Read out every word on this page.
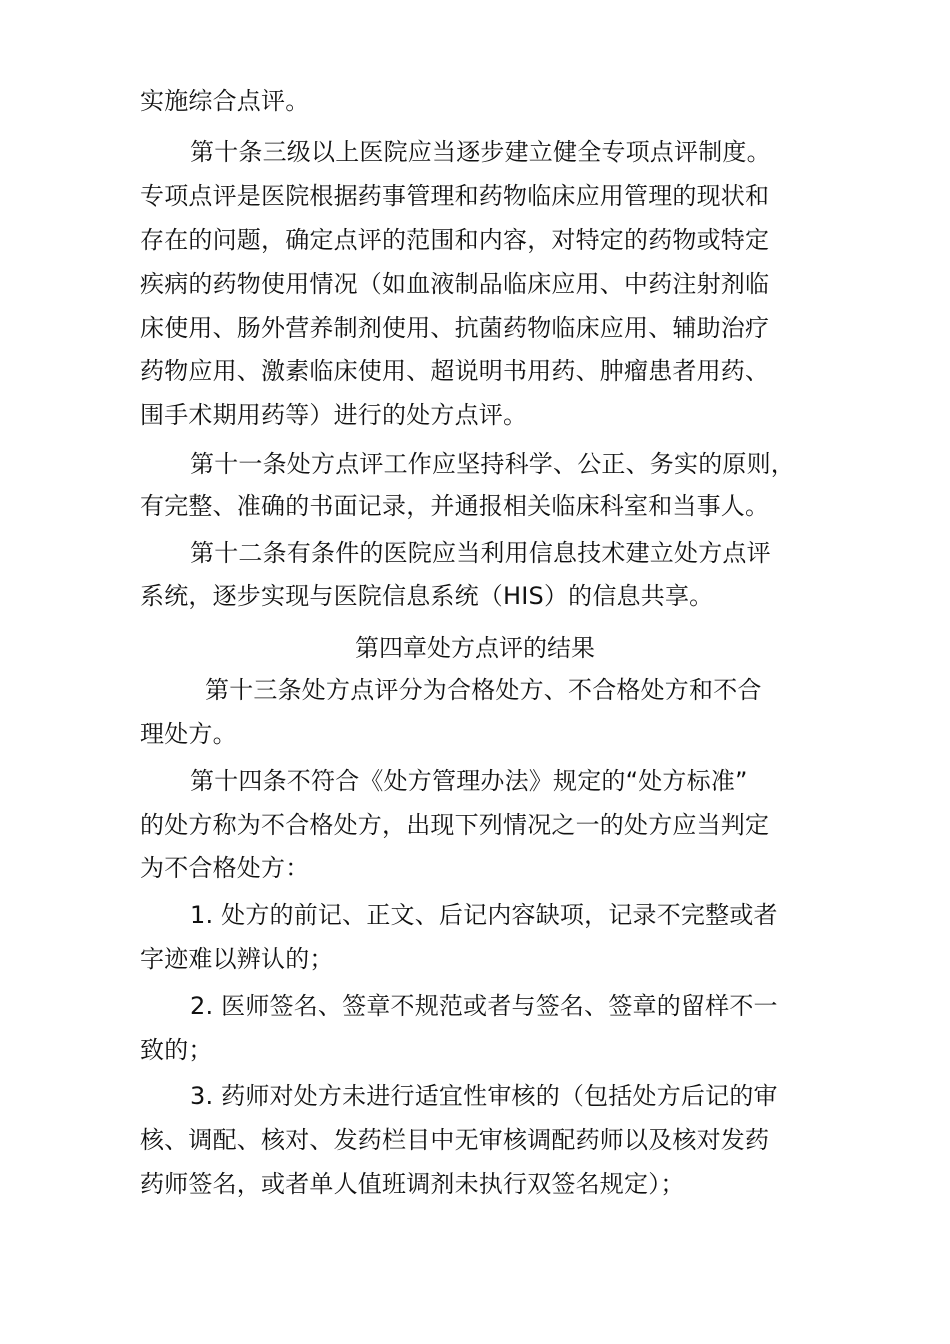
实施综合点评。
第十条三级以上医院应当逐步建立健全专项点评制度。
专项点评是医院根据药事管理和药物临床应用管理的现状和
存在的问题，确定点评的范围和内容，对特定的药物或特定
疾病的药物使用情况（如血液制品临床应用、中药注射剂临
床使用、肠外营养制剂使用、抗菌药物临床应用、辅助治疗
药物应用、激素临床使用、超说明书用药、肿瘤患者用药、
围手术期用药等）进行的处方点评。
第十一条处方点评工作应坚持科学、公正、务实的原则，
有完整、准确的书面记录，并通报相关临床科室和当事人。
第十二条有条件的医院应当利用信息技术建立处方点评
系统，逐步实现与医院信息系统（HIS）的信息共享。
第四章处方点评的结果
第十三条处方点评分为合格处方、不合格处方和不合
理处方。
第十四条不符合《处方管理办法》规定的“处方标准”
的处方称为不合格处方，出现下列情况之一的处方应当判定
为不合格处方：
1. 处方的前记、正文、后记内容缺项，记录不完整或者
字迹难以辨认的；
2. 医师签名、签章不规范或者与签名、签章的留样不一
致的；
3. 药师对处方未进行适宜性审核的（包括处方后记的审
核、调配、核对、发药栏目中无审核调配药师以及核对发药
药师签名，或者单人值班调剂未执行双签名规定）；
